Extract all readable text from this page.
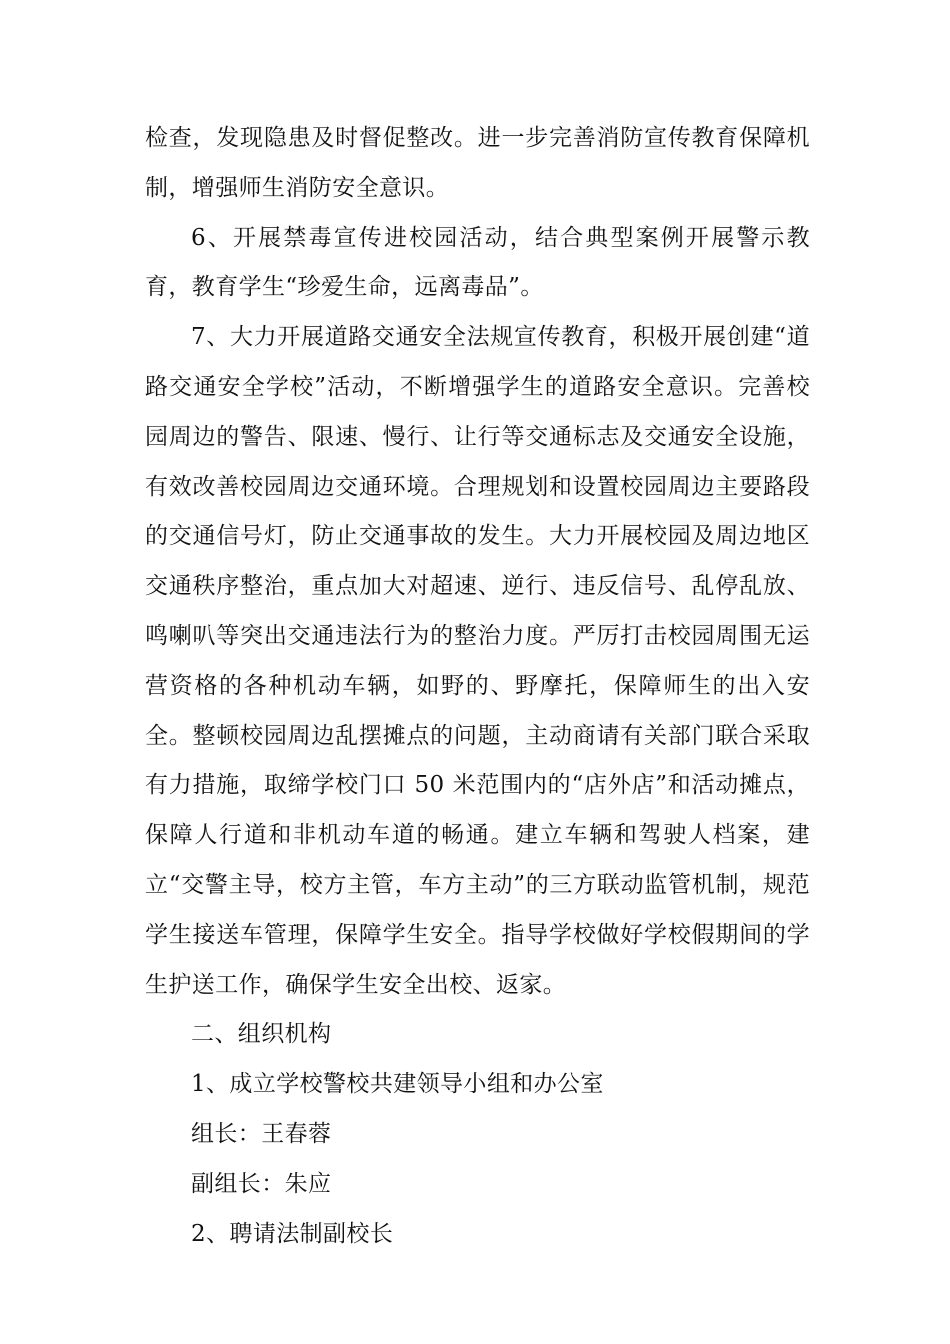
检查，发现隐患及时督促整改。进一步完善消防宣传教育保障机制，增强师生消防安全意识。

6、开展禁毒宣传进校园活动，结合典型案例开展警示教育，教育学生“珍爱生命，远离毒品”。

7、大力开展道路交通安全法规宣传教育，积极开展创建“道路交通安全学校”活动，不断增强学生的道路安全意识。完善校园周边的警告、限速、慢行、让行等交通标志及交通安全设施，有效改善校园周边交通环境。合理规划和设置校园周边主要路段的交通信号灯，防止交通事故的发生。大力开展校园及周边地区交通秩序整治，重点加大对超速、逆行、违反信号、乱停乱放、鸣喇叭等突出交通违法行为的整治力度。严厉打击校园周围无运营资格的各种机动车辆，如野的、野摩托，保障师生的出入安全。整顿校园周边乱摆摊点的问题，主动商请有关部门联合采取有力措施，取缔学校门口 50 米范围内的“店外店”和活动摊点，保障人行道和非机动车道的畅通。建立车辆和驾驶人档案，建立“交警主导，校方主管，车方主动”的三方联动监管机制，规范学生接送车管理，保障学生安全。指导学校做好学校假期间的学生护送工作，确保学生安全出校、返家。

二、组织机构

1、成立学校警校共建领导小组和办公室

组长：王春蓉

副组长：朱应

2、聘请法制副校长
